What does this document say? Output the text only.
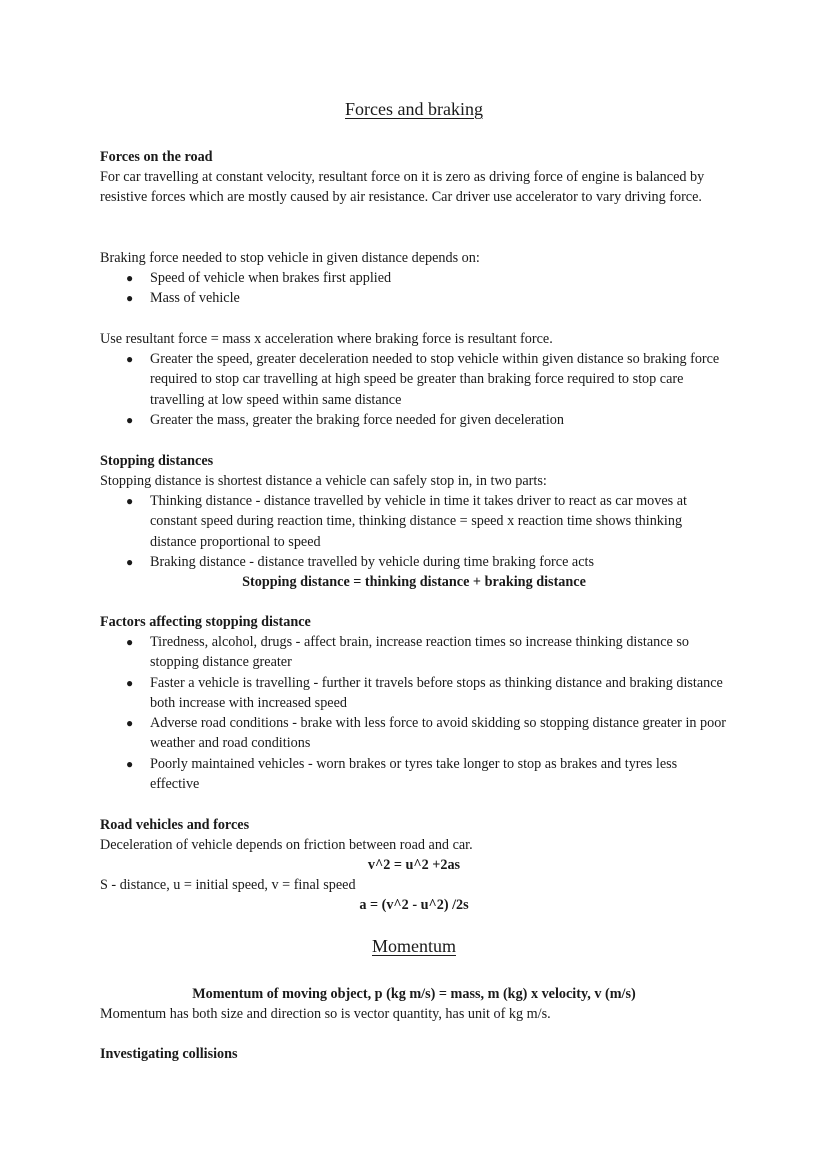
Forces and braking
Forces on the road

For car travelling at constant velocity, resultant force on it is zero as driving force of engine is balanced by resistive forces which are mostly caused by air resistance. Car driver use accelerator to vary driving force.

Braking force needed to stop vehicle in given distance depends on:

● Speed of vehicle when brakes first applied
● Mass of vehicle

Use resultant force = mass x acceleration where braking force is resultant force.

● Greater the speed, greater deceleration needed to stop vehicle within given distance so braking force required to stop car travelling at high speed be greater than braking force required to stop care travelling at low speed within same distance
● Greater the mass, greater the braking force needed for given deceleration
Stopping distances

Stopping distance is shortest distance a vehicle can safely stop in, in two parts:

● Thinking distance - distance travelled by vehicle in time it takes driver to react as car moves at constant speed during reaction time, thinking distance = speed x reaction time shows thinking distance proportional to speed
● Braking distance - distance travelled by vehicle during time braking force acts
Stopping distance = thinking distance + braking distance
Factors affecting stopping distance
● Tiredness, alcohol, drugs - affect brain, increase reaction times so increase thinking distance so stopping distance greater
● Faster a vehicle is travelling - further it travels before stops as thinking distance and braking distance both increase with increased speed
● Adverse road conditions - brake with less force to avoid skidding so stopping distance greater in poor weather and road conditions
● Poorly maintained vehicles - worn brakes or tyres take longer to stop as brakes and tyres less effective
Road vehicles and forces

Deceleration of vehicle depends on friction between road and car.

v^2 = u^2 +2as

S - distance, u = initial speed, v = final speed

a = (v^2 - u^2) /2s
Momentum
Momentum of moving object, p (kg m/s) = mass, m (kg) x velocity, v (m/s)

Momentum has both size and direction so is vector quantity, has unit of kg m/s.

Investigating collisions
